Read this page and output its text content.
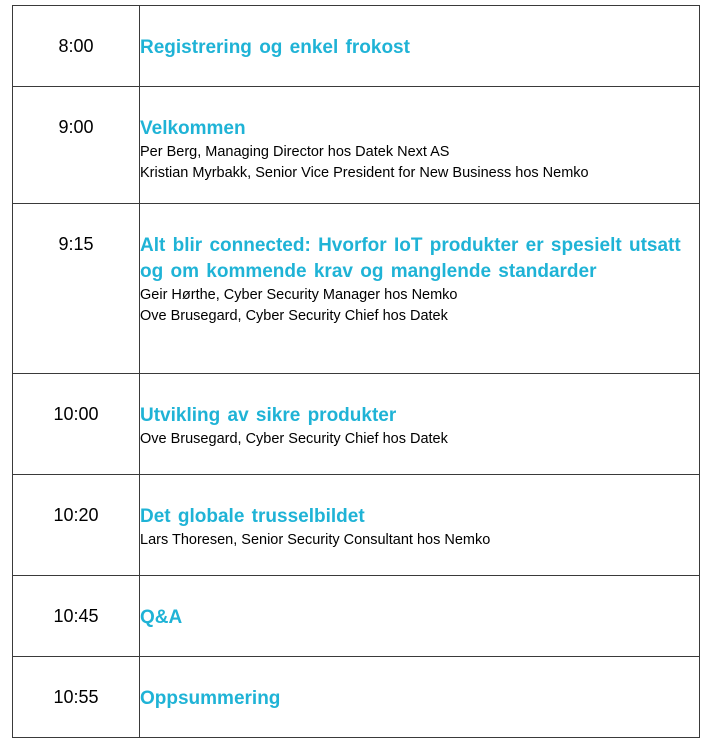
8:00	Registrering og enkel frokost

9:00	Velkommen
Per Berg, Managing Director hos Datek Next AS
Kristian Myrbakk, Senior Vice President for New Business hos Nemko

9:15	Alt blir connected: Hvorfor IoT produkter er spesielt utsatt og om kommende krav og manglende standarder
Geir Hørthe, Cyber Security Manager hos Nemko
Ove Brusegard, Cyber Security Chief hos Datek

10:00	Utvikling av sikre produkter
Ove Brusegard, Cyber Security Chief hos Datek

10:20	Det globale trusselbildet
Lars Thoresen, Senior Security Consultant hos Nemko

10:45	Q&A

10:55	Oppsummering
